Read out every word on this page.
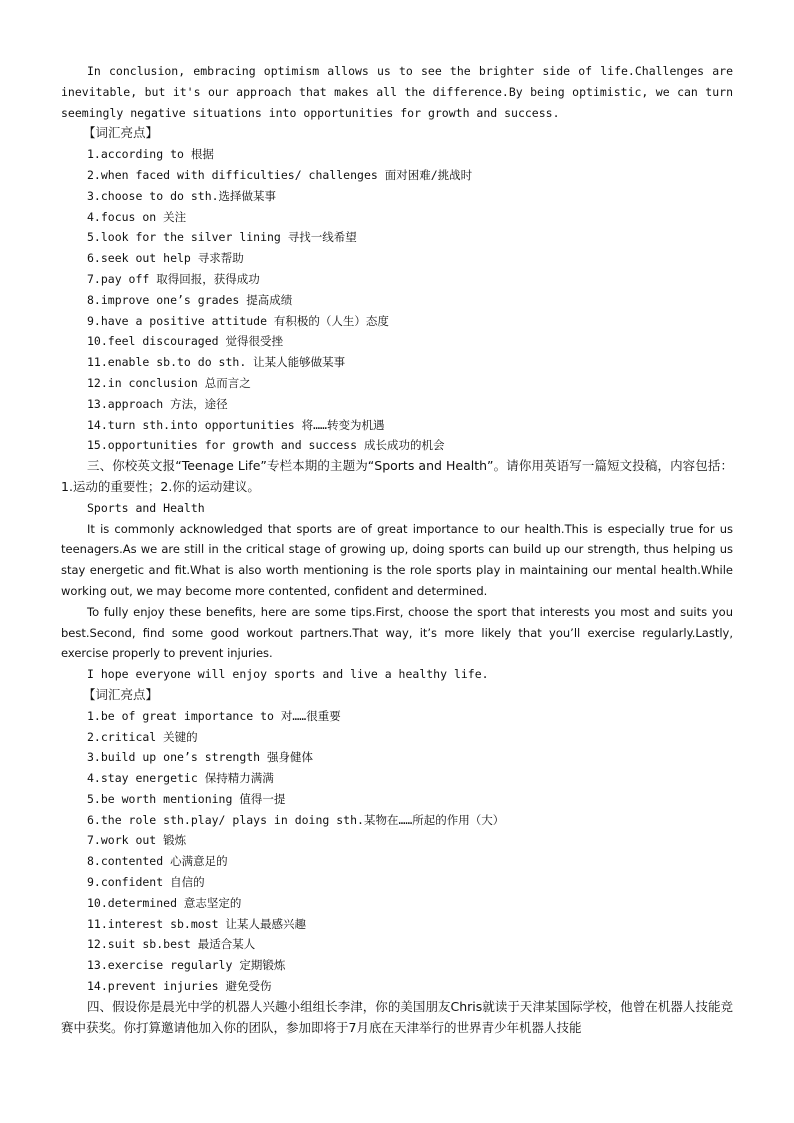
In conclusion, embracing optimism allows us to see the brighter side of life.Challenges are inevitable, but it's our approach that makes all the difference.By being optimistic, we can turn seemingly negative situations into opportunities for growth and success.

【词汇亮点】

1.according to 根据

2.when faced with difficulties/ challenges 面对困难/挑战时

3.choose to do sth.选择做某事

4.focus on 关注

5.look for the silver lining 寻找一线希望

6.seek out help 寻求帮助

7.pay off 取得回报，获得成功

8.improve one’s grades 提高成绩

9.have a positive attitude 有积极的（人生）态度

10.feel discouraged 觉得很受挫

11.enable sb.to do sth. 让某人能够做某事

12.in conclusion 总而言之

13.approach 方法，途径

14.turn sth.into opportunities 将……转变为机遇

15.opportunities for growth and success 成长成功的机会

三、你校英文报“Teenage Life”专栏本期的主题为“Sports and Health”。请你用英语写一篇短文投稿，内容包括：1.运动的重要性；2.你的运动建议。

Sports and Health

It is commonly acknowledged that sports are of great importance to our health.This is especially true for us teenagers.As we are still in the critical stage of growing up, doing sports can build up our strength, thus helping us stay energetic and fit.What is also worth mentioning is the role sports play in maintaining our mental health.While working out, we may become more contented, confident and determined.

To fully enjoy these benefits, here are some tips.First, choose the sport that interests you most and suits you best.Second, find some good workout partners.That way, it’s more likely that you’ll exercise regularly.Lastly, exercise properly to prevent injuries.

I hope everyone will enjoy sports and live a healthy life.

【词汇亮点】

1.be of great importance to 对……很重要

2.critical 关键的

3.build up one’s strength 强身健体

4.stay energetic 保持精力满满

5.be worth mentioning 值得一提

6.the role sth.play/ plays in doing sth.某物在……所起的作用（大）

7.work out 锻炼

8.contented 心满意足的

9.confident 自信的

10.determined 意志坚定的

11.interest sb.most 让某人最感兴趣

12.suit sb.best 最适合某人

13.exercise regularly 定期锻炼

14.prevent injuries 避免受伤

四、假设你是晨光中学的机器人兴趣小组组长李津，你的美国朋友Chris就读于天津某国际学校，他曾在机器人技能竞赛中获奖。你打算邀请他加入你的团队，参加即将于7月底在天津举行的世界青少年机器人技能
